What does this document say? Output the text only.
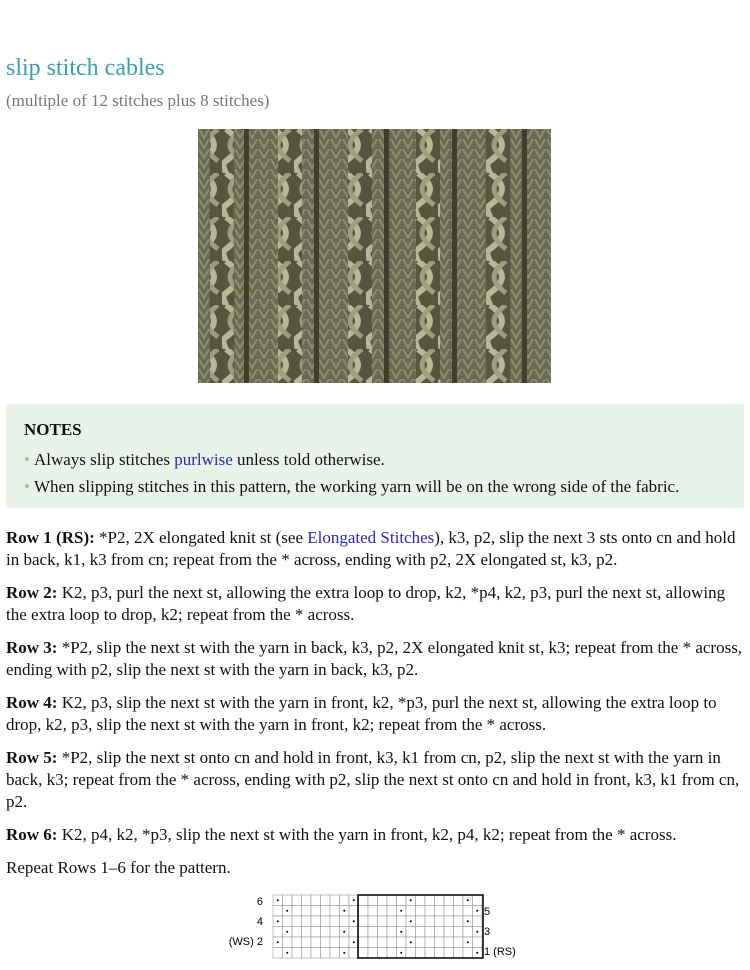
slip stitch cables
(multiple of 12 stitches plus 8 stitches)
NOTES
• Always slip stitches purlwise unless told otherwise.
• When slipping stitches in this pattern, the working yarn will be on the wrong side of the fabric.

Row 1 (RS): *P2, 2X elongated knit st (see Elongated Stitches), k3, p2, slip the next 3 sts onto cn and hold in back, k1, k3 from cn; repeat from the * across, ending with p2, 2X elongated st, k3, p2.

Row 2: K2, p3, purl the next st, allowing the extra loop to drop, k2, *p4, k2, p3, purl the next st, allowing the extra loop to drop, k2; repeat from the * across.

Row 3: *P2, slip the next st with the yarn in back, k3, p2, 2X elongated knit st, k3; repeat from the * across, ending with p2, slip the next st with the yarn in back, k3, p2.

Row 4: K2, p3, slip the next st with the yarn in front, k2, *p3, purl the next st, allowing the extra loop to drop, k2, p3, slip the next st with the yarn in front, k2; repeat from the * across.

Row 5: *P2, slip the next st onto cn and hold in front, k3, k1 from cn, p2, slip the next st with the yarn in back, k3; repeat from the * across, ending with p2, slip the next st onto cn and hold in front, k3, k1 from cn, p2.

Row 6: K2, p4, k2, *p3, slip the next st with the yarn in front, k2, p4, k2; repeat from the * across.

Repeat Rows 1–6 for the pattern.

6
4
(WS) 2
5
3
1 (RS)
